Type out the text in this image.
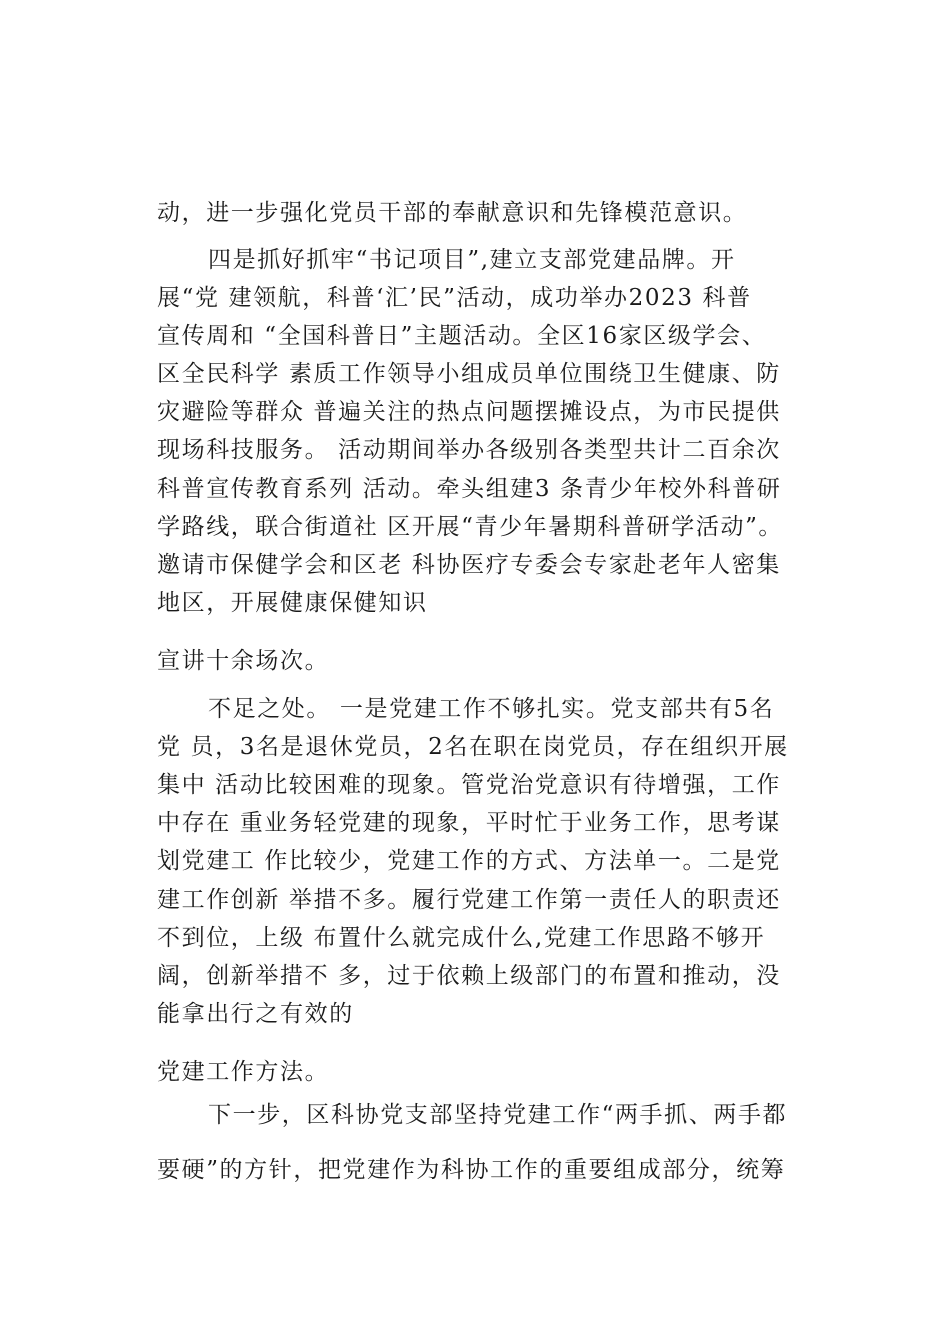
动，进一步强化党员干部的奉献意识和先锋模范意识。
四是抓好抓牢“书记项目”,建立支部党建品牌。开
展“党 建领航，科普‘汇’民”活动，成功举办2023 科普
宣传周和 “全国科普日”主题活动。全区16家区级学会、
区全民科学 素质工作领导小组成员单位围绕卫生健康、防
灾避险等群众 普遍关注的热点问题摆摊设点，为市民提供
现场科技服务。 活动期间举办各级别各类型共计二百余次
科普宣传教育系列 活动。牵头组建3 条青少年校外科普研
学路线，联合街道社 区开展“青少年暑期科普研学活动”。
邀请市保健学会和区老 科协医疗专委会专家赴老年人密集
地区，开展健康保健知识
宣讲十余场次。
不足之处。 一是党建工作不够扎实。党支部共有5名
党 员，3名是退休党员，2名在职在岗党员，存在组织开展
集中 活动比较困难的现象。管党治党意识有待增强，工作
中存在 重业务轻党建的现象，平时忙于业务工作，思考谋
划党建工 作比较少，党建工作的方式、方法单一。二是党
建工作创新 举措不多。履行党建工作第一责任人的职责还
不到位，上级 布置什么就完成什么,党建工作思路不够开
阔，创新举措不 多，过于依赖上级部门的布置和推动，没
能拿出行之有效的
党建工作方法。
下一步，区科协党支部坚持党建工作“两手抓、两手都
要硬”的方针，把党建作为科协工作的重要组成部分，统筹
